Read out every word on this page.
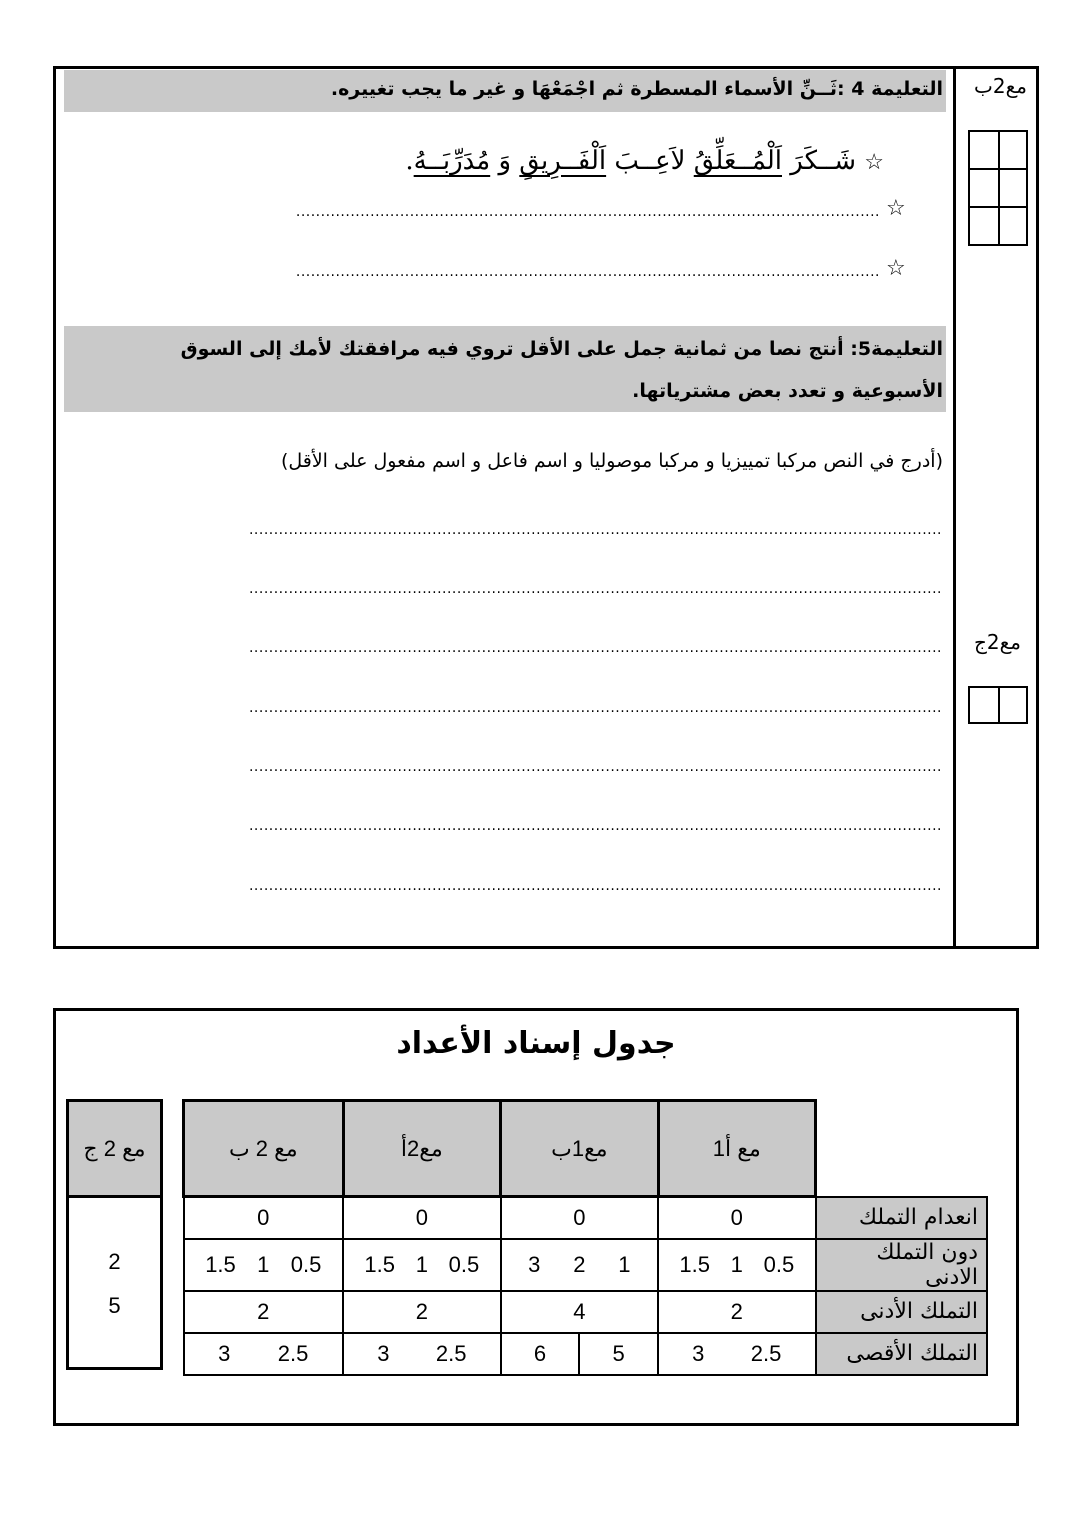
التعليمة 4 :ثَــنِّ الأسماء المسطرة ثم اجْمَعْهَا و غير ما يجب تغييره.
☆ شَــكَرَ اَلْمُــعَلِّقُ لاَعِــبَ اَلْفَــرِيقِ وَ مُدَرِّبَــهُ.
☆
......................................................................................................................
☆
......................................................................................................................
التعليمة5: أنتج نصا من ثمانية جمل على الأقل تروي فيه مرافقتك لأمك إلى السوق
الأسبوعية و تعدد بعض مشترياتها.
(أدرج في النص مركبا تمييزيا و مركبا موصوليا و اسم فاعل و اسم مفعول على الأقل)
............................................................................................................................................
............................................................................................................................................
............................................................................................................................................
............................................................................................................................................
............................................................................................................................................
............................................................................................................................................
............................................................................................................................................
مع2ب
مع2ج
جدول إسناد الأعداد
مع 2 ب	مع2أ	مع1ب	مع أ1	
0	0	0	0	انعدام التملك

1.5 1 0.5	1.5 1 0.5	3 2 1	1.5 1 0.5	دون التملك الادنى
2	2	4	2	التملك الأدنى

3 2.5	3 2.5	6 5	3 2.5	التملك الأقصى
مع 2 ج

2
5
